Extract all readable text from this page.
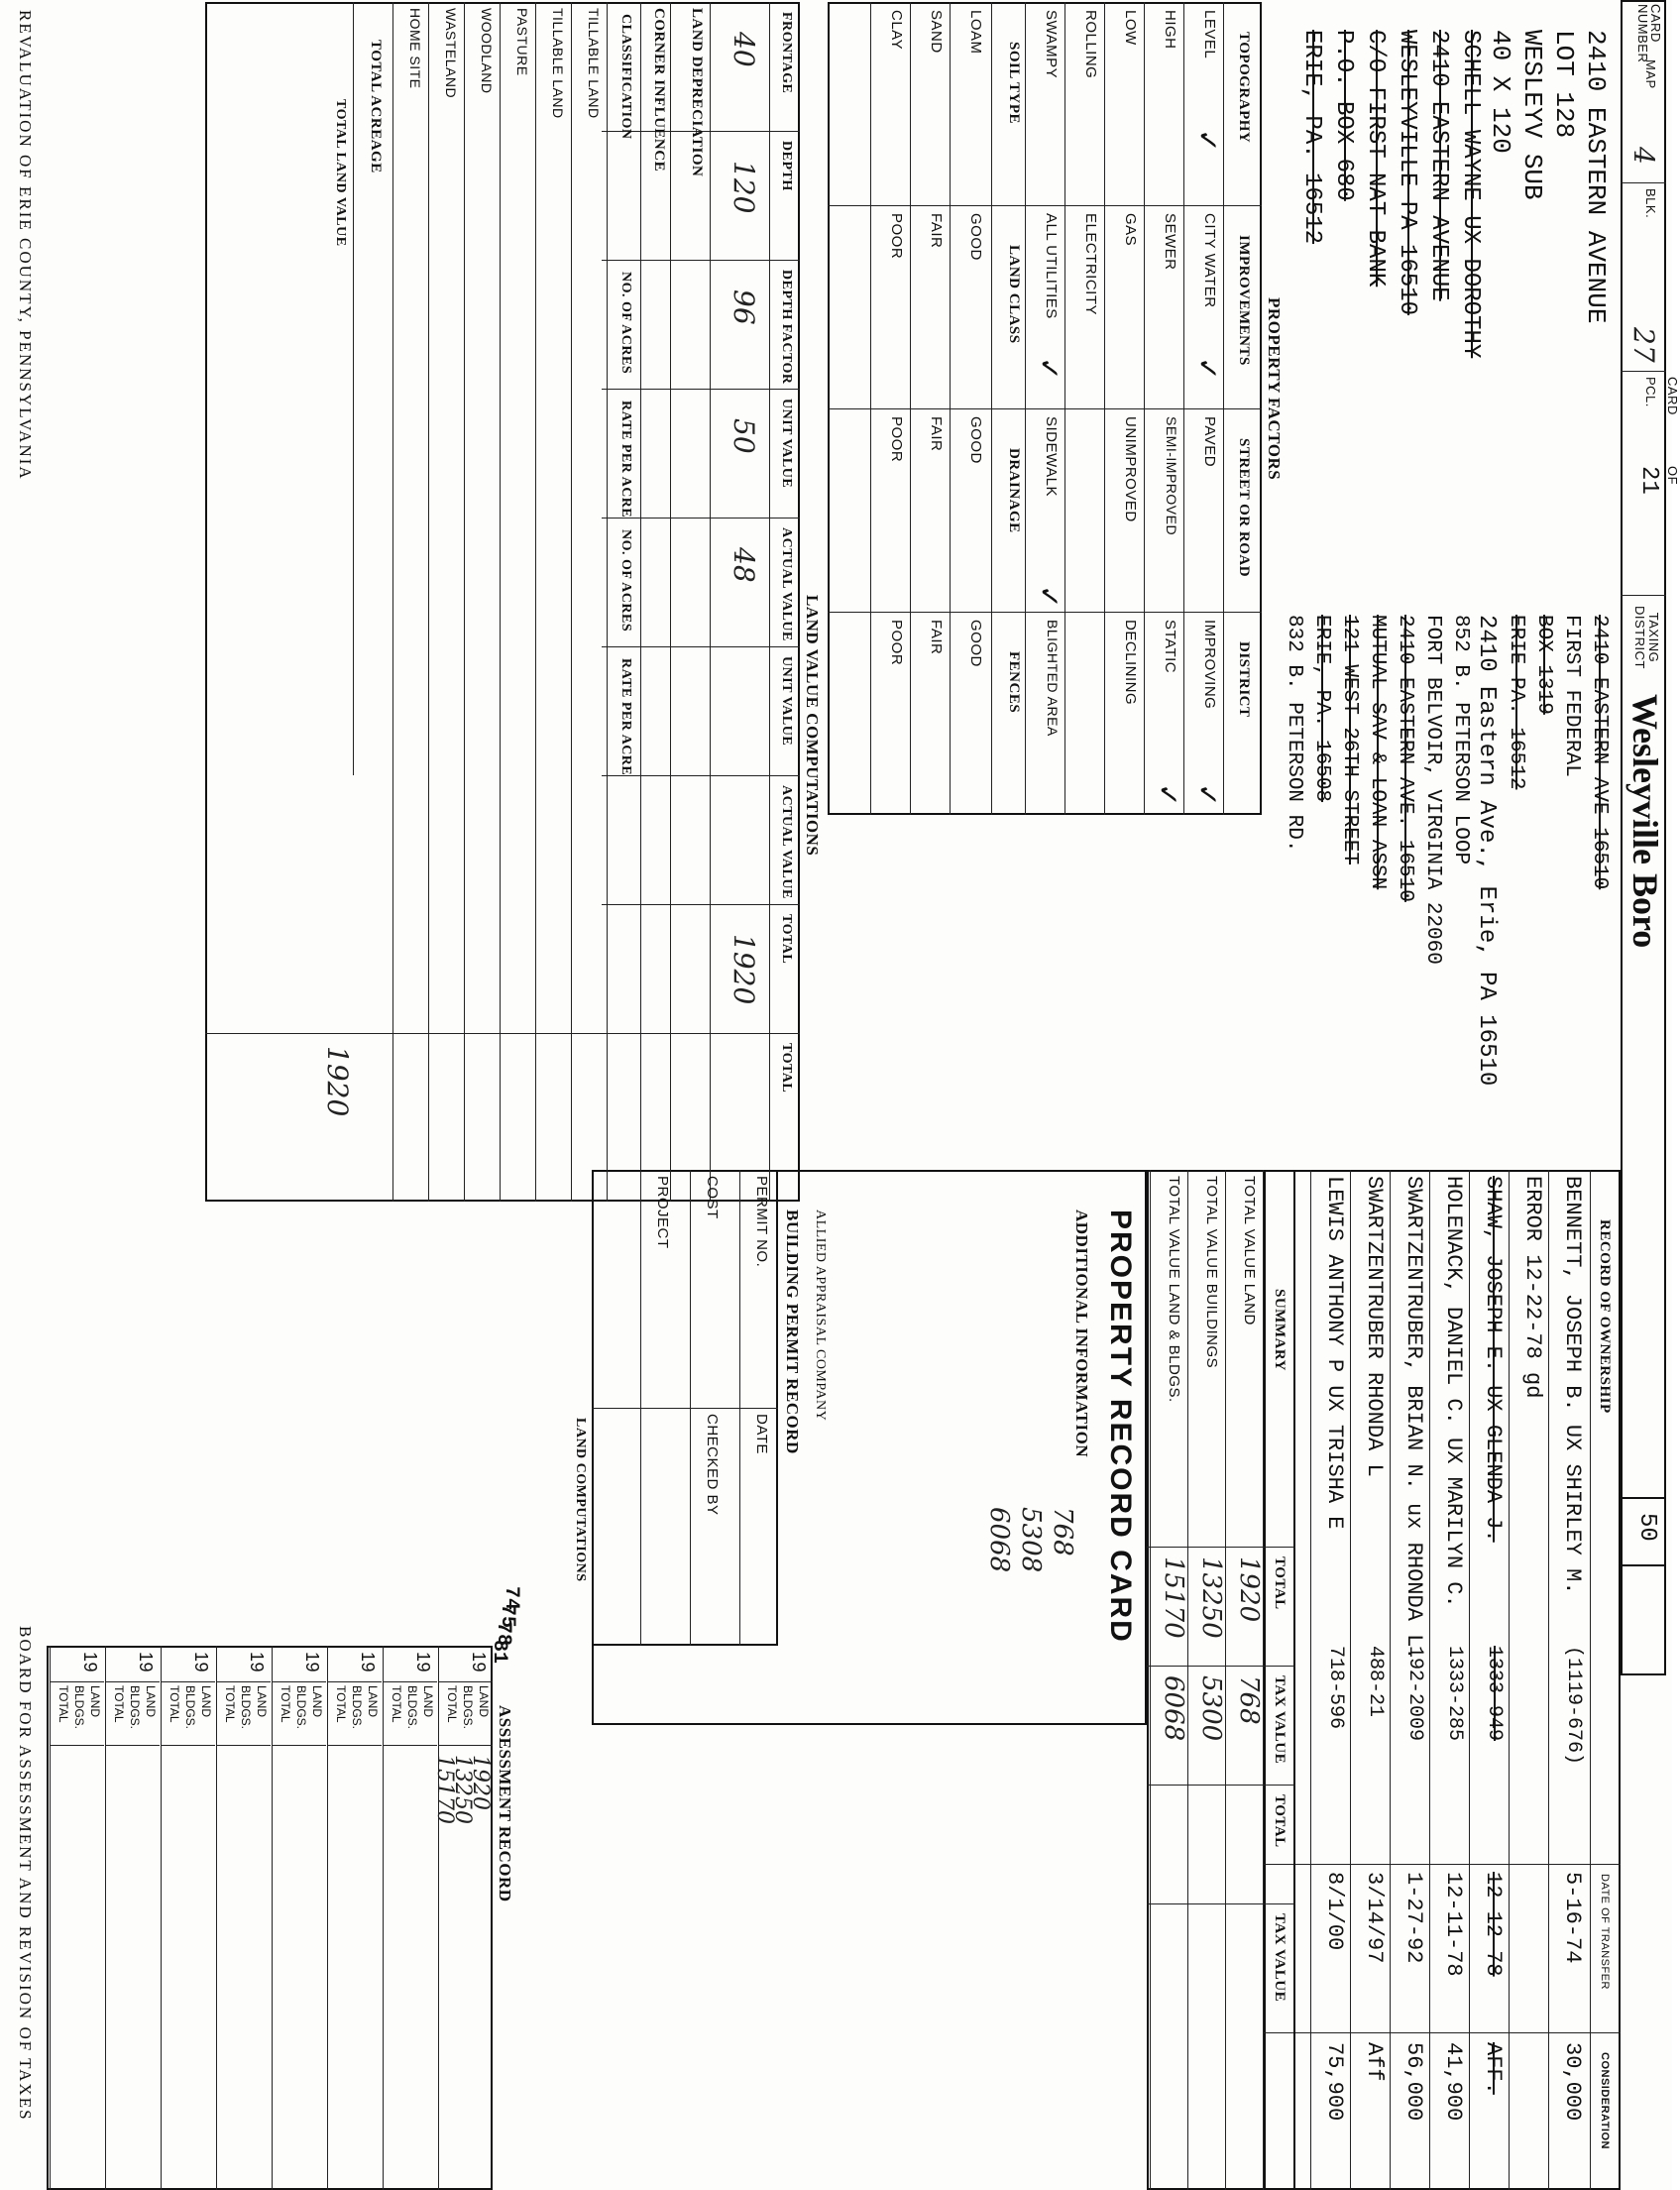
CARD NUMBER
MAP
4
BLK.
27
PCL.
21
CARD
OF
TAXING DISTRICT
Wesleyville Boro
50
PROPERTY FACTORS
LAND VALUE COMPUTATIONS
RECORD OF OWNERSHIP
DATE OF TRANSFER
CONSIDERATION
PROPERTY RECORD CARD
ADDITIONAL INFORMATION
ALLIED APPRAISAL COMPANY
768
5308
6068
BUILDING PERMIT RECORD
LAND COMPUTATIONS
ASSESSMENT RECORD
REVALUATION OF ERIE COUNTY, PENNSYLVANIA
BOARD FOR ASSESSMENT AND REVISION OF TAXES
2410 EASTERN AVENUE
LOT 128
WESLEYV SUB
40 X 120
SCHELL WAYNE UX DOROTHY
2410 EASTERN AVENUE
WESLEYVILLE PA 16510
C/O FIRST NAT BANK
P.O. BOX 680
ERIE, PA. 16512
2410 EASTERN AVE 16510
FIRST FEDERAL
BOX 1319
ERIE PA. 16512
2410 Eastern Ave., Erie, PA 16510
852 B. PETERSON LOOP
FORT BELVOIR, VIRGINIA 22060
2410 EASTERN AVE. 16510
MUTUAL SAV & LOAN ASSN
121 WEST 26TH STREET
ERIE, PA. 16508
832 B. PETERSON RD.
TOPOGRAPHY
IMPROVEMENTS
STREET OR ROAD
DISTRICT
LEVEL
CITY WATER
PAVED
IMPROVING
HIGH
SEWER
SEMI-IMPROVED
STATIC
LOW
GAS
UNIMPROVED
DECLINING
ROLLING
ELECTRICITY
SWAMPY
ALL UTILITIES
SIDEWALK
BLIGHTED AREA
✓
✓
✓
✓
✓
✓
SOIL TYPE
LAND CLASS
DRAINAGE
FENCES
LOAM
GOOD
GOOD
GOOD
SAND
FAIR
FAIR
FAIR
CLAY
POOR
POOR
POOR
FRONTAGE
DEPTH
DEPTH FACTOR
UNIT VALUE
ACTUAL VALUE
UNIT VALUE
ACTUAL VALUE
TOTAL
TOTAL
40
120
96
50
48
1920
LAND DEPRECIATION
CORNER INFLUENCE
CLASSIFICATION
NO. OF ACRES
RATE PER ACRE
NO. OF ACRES
RATE PER ACRE
TILLABLE LAND
TILLABLE LAND
PASTURE
WOODLAND
WASTELAND
HOME SITE
TOTAL ACREAGE
TOTAL LAND VALUE
1920
BENNETT, JOSEPH B. UX SHIRLEY M.
(1119-676)
5-16-74
30,000
ERROR 12-22-78 gd
SHAW, JOSEPH E. UX GLENDA J.
1333-949
12-12-78
AFF.
HOLENACK, DANIEL C. UX MARILYN C.
1333-285
12-11-78
41,900
SWARTZENTRUBER, BRIAN N. ux RHONDA L.
192-2009
1-27-92
56,000
SWARTZENTRUBER RHONDA L
488-21
3/14/97
Aff
LEWIS ANTHONY P UX TRISHA E
718-596
8/1/00
75,900
SUMMARY
TOTAL
TAX VALUE
TOTAL
TAX VALUE
TOTAL VALUE LAND
1920
768
TOTAL VALUE BUILDINGS
13250
5300
TOTAL VALUE LAND & BLDGS.
15170
6068
PERMIT NO.
DATE
COST
CHECKED BY
PROJECT
19
LAND
BLDGS.
TOTAL
19
LAND
BLDGS.
TOTAL
19
LAND
BLDGS.
TOTAL
19
LAND
BLDGS.
TOTAL
19
LAND
BLDGS.
TOTAL
19
LAND
BLDGS.
TOTAL
19
LAND
BLDGS.
TOTAL
19
LAND
BLDGS.
TOTAL
1920
13250
15170
74
75
78
81
